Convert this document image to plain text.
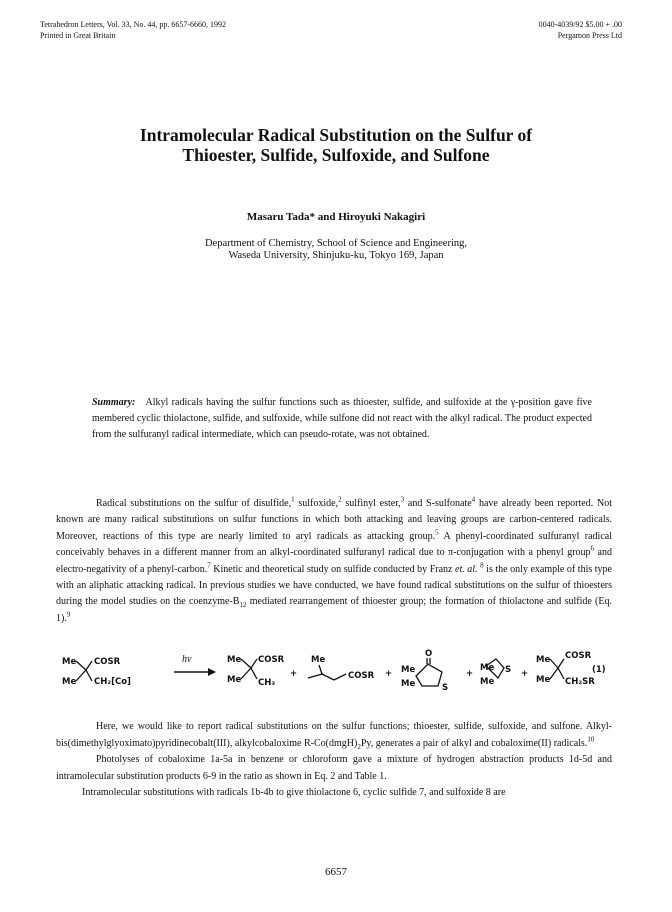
Tetrahedron Letters, Vol. 33, No. 44, pp. 6657-6660, 1992
Printed in Great Britain
0040-4039/92 $5.00 + .00
Pergamon Press Ltd
Intramolecular Radical Substitution on the Sulfur of
Thioester, Sulfide, Sulfoxide, and Sulfone
Masaru Tada* and Hiroyuki Nakagiri
Department of Chemistry, School of Science and Engineering,
Waseda University, Shinjuku-ku, Tokyo 169, Japan

Summary: Alkyl radicals having the sulfur functions such as thioester, sulfide, and sulfoxide at the γ-position gave five membered cyclic thiolactone, sulfide, and sulfoxide, while sulfone did not react with the alkyl radical. The product expected from the sulfuranyl radical intermediate, which can pseudo-rotate, was not obtained.

Radical substitutions on the sulfur of disulfide,$^1$ sulfoxide,$^2$ sulfinyl ester,$^3$ and S-sulfonate$^4$ have already been reported. Not known are many radical substitutions on sulfur functions in which both attacking and leaving groups are carbon-centered radicals. Moreover, reactions of this type are nearly limited to aryl radicals as attacking group.$^5$ A phenyl-coordinated sulfuranyl radical conceivably behaves in a different manner from an alkyl-coordinated sulfuranyl radical due to π-conjugation with a phenyl group$^6$ and electro-negativity of a phenyl-carbon.$^7$ Kinetic and theoretical study on sulfide conducted by Franz et. al. $^8$ is the only example of this type with an aliphatic attacking radical. In previous studies we have conducted, we have found radical substitutions on the sulfur of thioesters during the model studies on the coenzyme-$B_{12}$ mediated rearrangement of thioester group; the formation of thiolactone and sulfide (Eq. 1).$^9$

Me
Me
COSR
CH₂[Co]
hv	Me
Me
COSR
CH₃
+
Me
COSR +
O
Me
Me	S
+	S
Me
Me
+
Me
Me
COSR
CH₂SR
(1)

Here, we would like to report radical substitutions on the sulfur functions; thioester, sulfide, sulfoxide, and sulfone. Alkyl-bis(dimethylglyoximato)pyridinecobalt(III), alkylcobaloxime $R-Co(dmgH)_2Py$, generates a pair of alkyl and cobaloxime(II) radicals.$^{10}$

Photolyses of cobaloxime 1a-5a in benzene or chloroform gave a mixture of hydrogen abstraction products 1d-5d and intramolecular substitution products 6-9 in the ratio as shown in Eq. 2 and Table 1.

Intramolecular substitutions with radicals 1b-4b to give thiolactone 6, cyclic sulfide 7, and sulfoxide 8 are

6657
